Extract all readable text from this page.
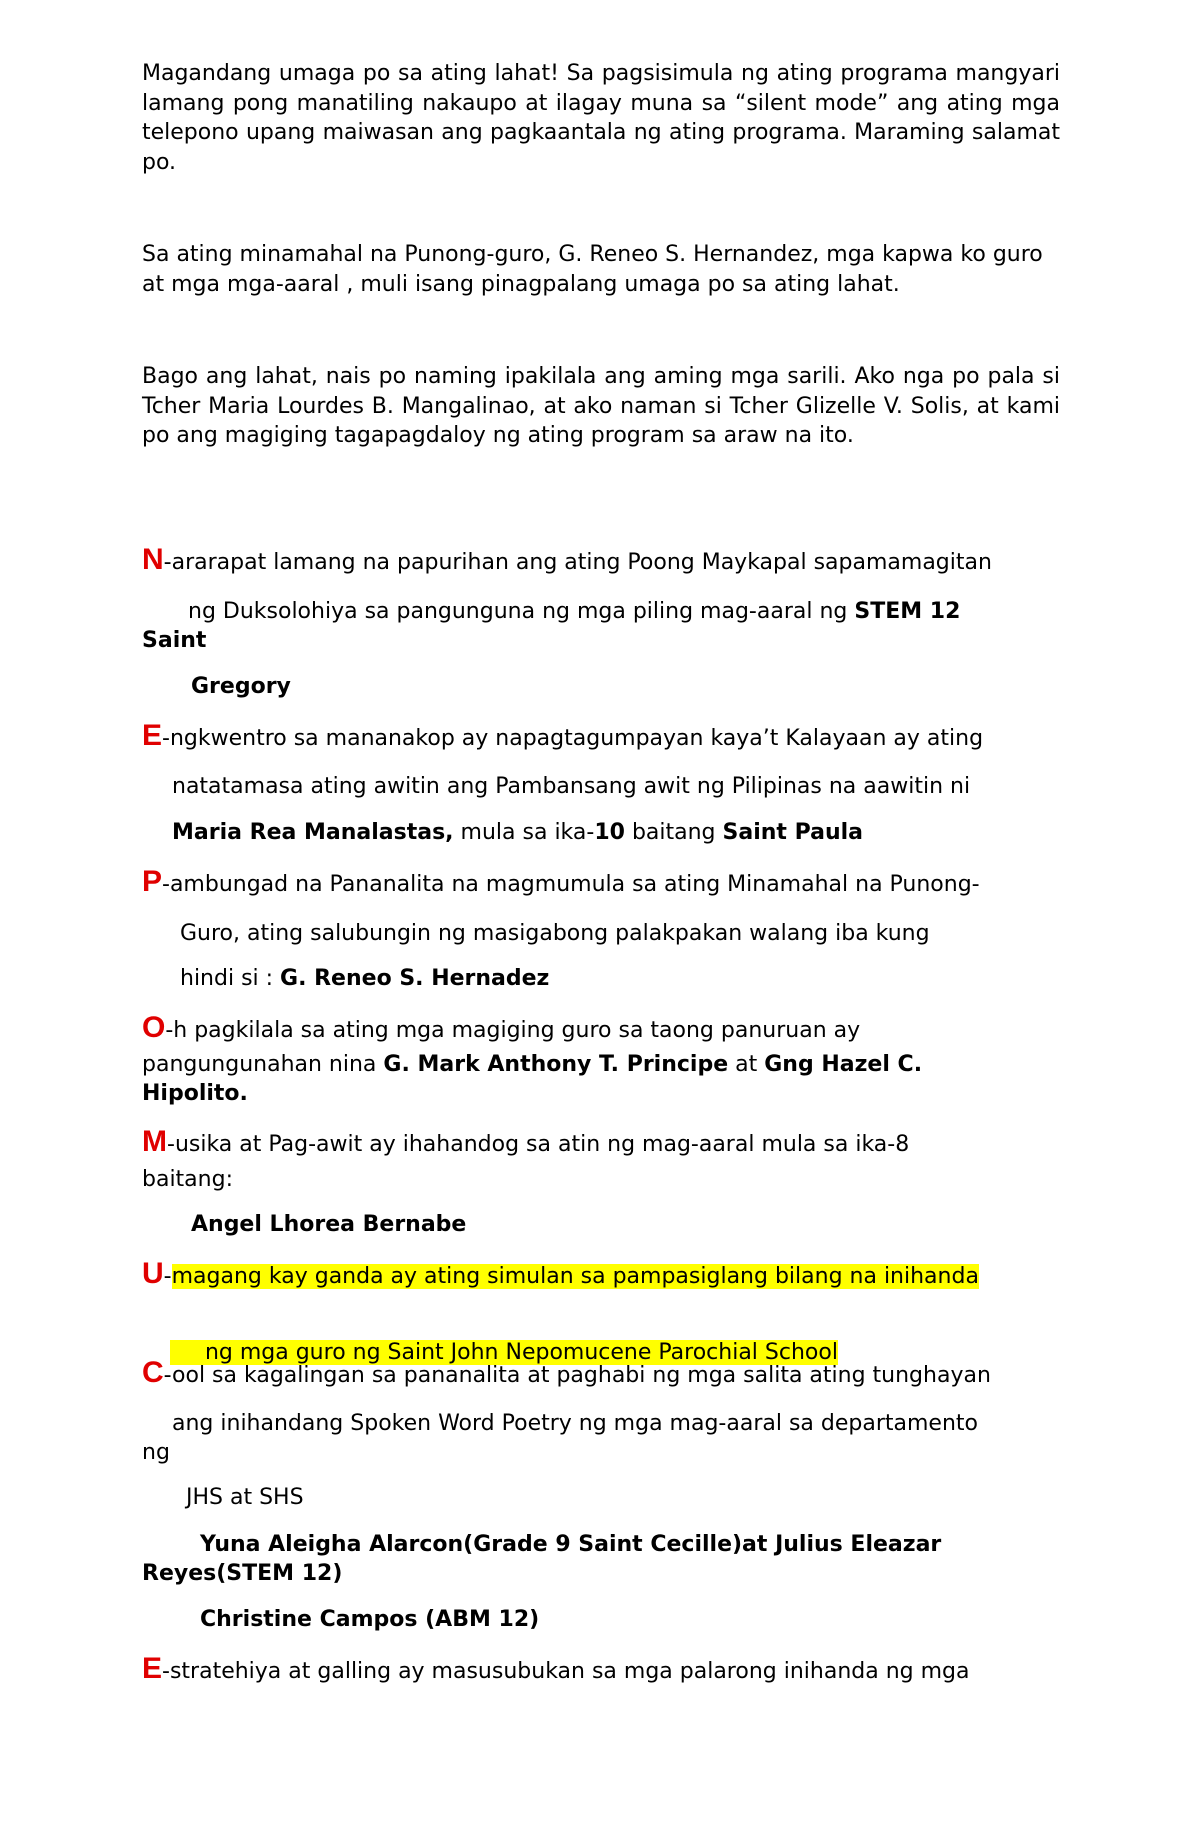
Magandang umaga po sa ating lahat! Sa pagsisimula ng ating programa mangyari lamang pong manatiling nakaupo at ilagay muna sa “silent mode” ang ating mga telepono upang maiwasan ang pagkaantala ng ating programa. Maraming salamat po.

Sa ating minamahal na Punong-guro, G. Reneo S. Hernandez, mga kapwa ko guro at mga mga-aaral , muli isang pinagpalang umaga po sa ating lahat.

Bago ang lahat, nais po naming ipakilala ang aming mga sarili. Ako nga po pala si Tcher Maria Lourdes B. Mangalinao, at ako naman si Tcher Glizelle V. Solis, at kami po ang magiging tagapagdaloy ng ating program sa araw na ito.

N-ararapat lamang na papurihan ang ating Poong Maykapal sapamamagitan
ng Duksolohiya sa pangunguna ng mga piling mag-aaral ng STEM 12
Saint
Gregory
E-ngkwentro sa mananakop ay napagtagumpayan kaya’t Kalayaan ay ating
natatamasa ating awitin ang Pambansang awit ng Pilipinas na aawitin ni
Maria Rea Manalastas, mula sa ika-10 baitang Saint Paula
P-ambungad na Pananalita na magmumula sa ating Minamahal na Punong-
Guro, ating salubungin ng masigabong palakpakan walang iba kung
hindi si : G. Reneo S. Hernadez
O-h pagkilala sa ating mga magiging guro sa taong panuruan ay
pangungunahan nina G. Mark Anthony T. Principe at Gng Hazel C.
Hipolito.
M-usika at Pag-awit ay ihahandog sa atin ng mag-aaral mula sa ika-8
baitang:
Angel Lhorea Bernabe
U-magang kay ganda ay ating simulan sa pampasiglang bilang na inihanda

ng mga guro ng Saint John Nepomucene Parochial School

C-ool sa kagalingan sa pananalita at paghabi ng mga salita ating tunghayan
ang inihandang Spoken Word Poetry ng mga mag-aaral sa departamento
ng
JHS at SHS
Yuna Aleigha Alarcon(Grade 9 Saint Cecille)at Julius Eleazar
Reyes(STEM 12)
Christine Campos (ABM 12)
E-stratehiya at galling ay masusubukan sa mga palarong inihanda ng mga
